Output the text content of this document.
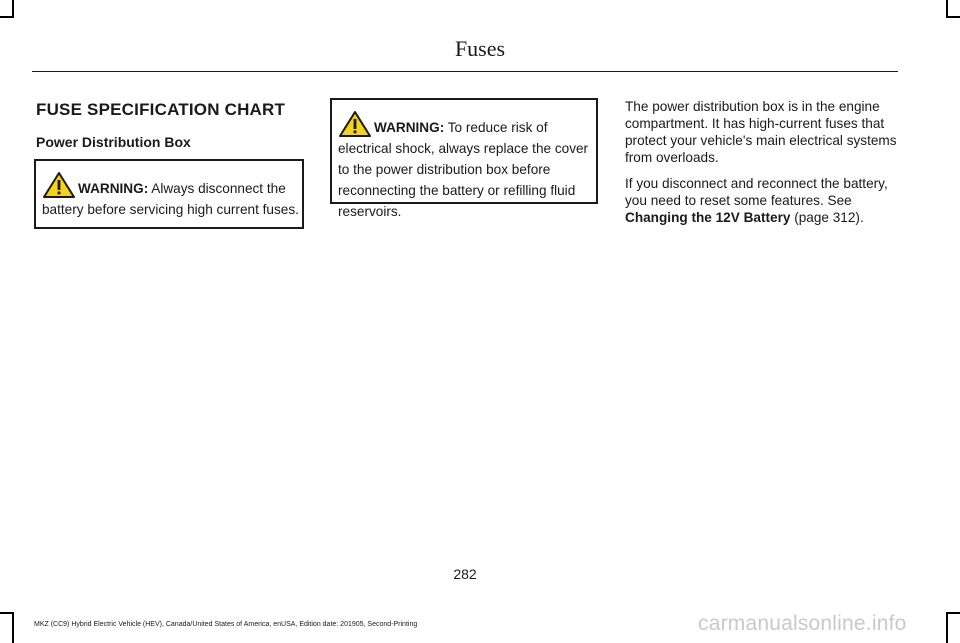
Fuses
FUSE SPECIFICATION CHART
Power Distribution Box
WARNING: Always disconnect the battery before servicing high current fuses.
WARNING: To reduce risk of electrical shock, always replace the cover to the power distribution box before reconnecting the battery or refilling fluid reservoirs.

The power distribution box is in the engine compartment. It has high-current fuses that protect your vehicle's main electrical systems from overloads.

If you disconnect and reconnect the battery, you need to reset some features. See Changing the 12V Battery (page 312).

282
MKZ (CC9) Hybrid Electric Vehicle (HEV), Canada/United States of America, enUSA, Edition date: 201905, Second-Printing	carmanualsonline.info
